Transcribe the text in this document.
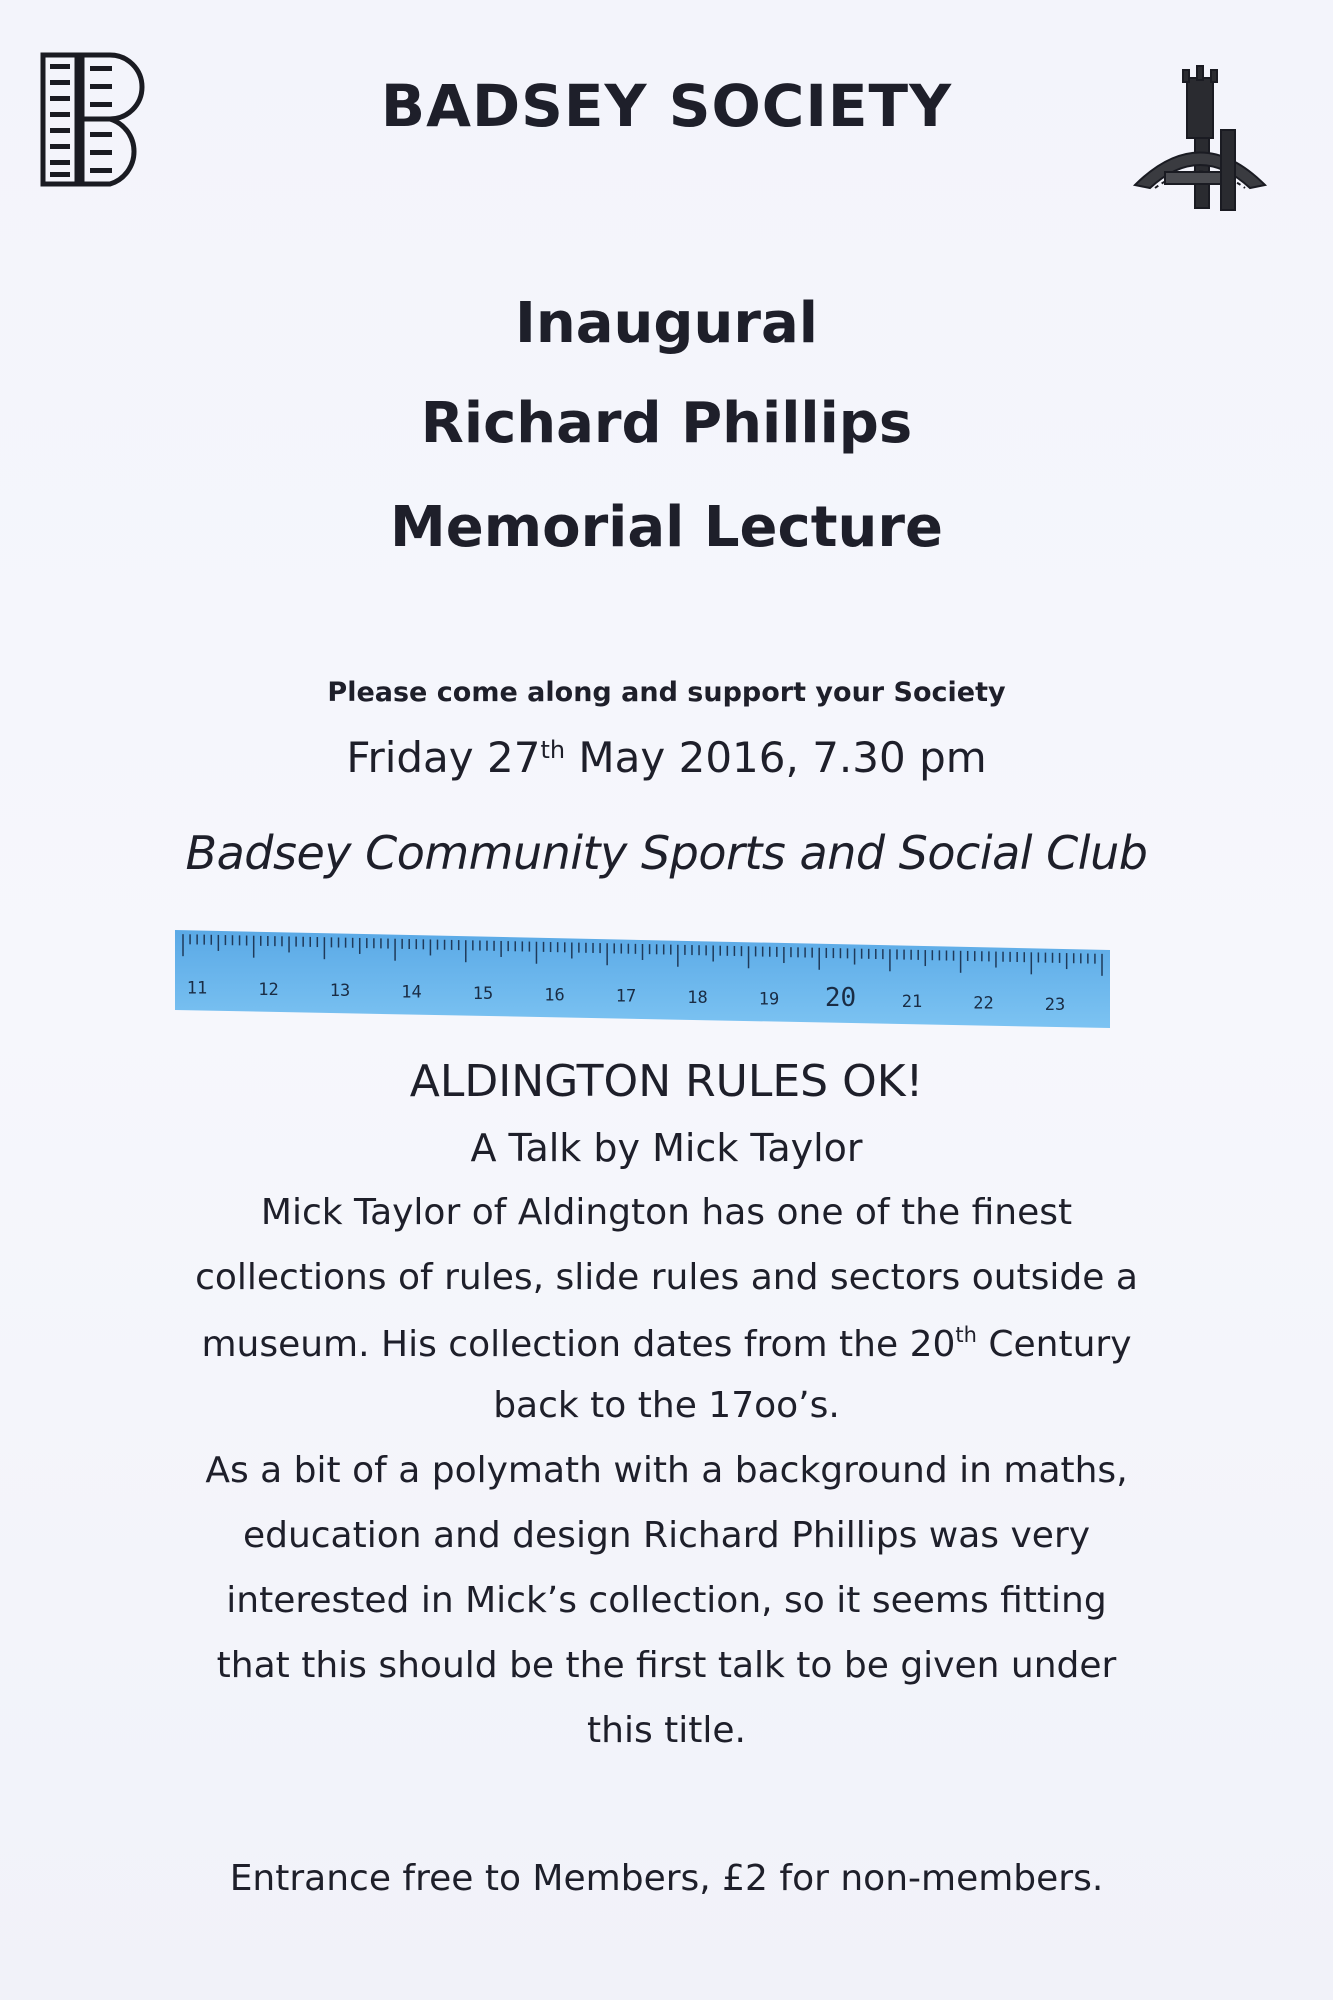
BADSEY SOCIETY
Inaugural
Richard Phillips
Memorial Lecture
Please come along and support your Society
Friday 27th May 2016, 7.30 pm
Badsey Community Sports and Social Club
11	12	13	14	15	16	17	18	19 20	21	22	23
ALDINGTON RULES OK!
A Talk by Mick Taylor
Mick Taylor of Aldington has one of the finest
collections of rules, slide rules and sectors outside a
museum. His collection dates from the 20th Century
back to the 17oo’s.
As a bit of a polymath with a background in maths,
education and design Richard Phillips was very
interested in Mick’s collection, so it seems fitting
that this should be the first talk to be given under
this title.
Entrance free to Members, £2 for non-members.
